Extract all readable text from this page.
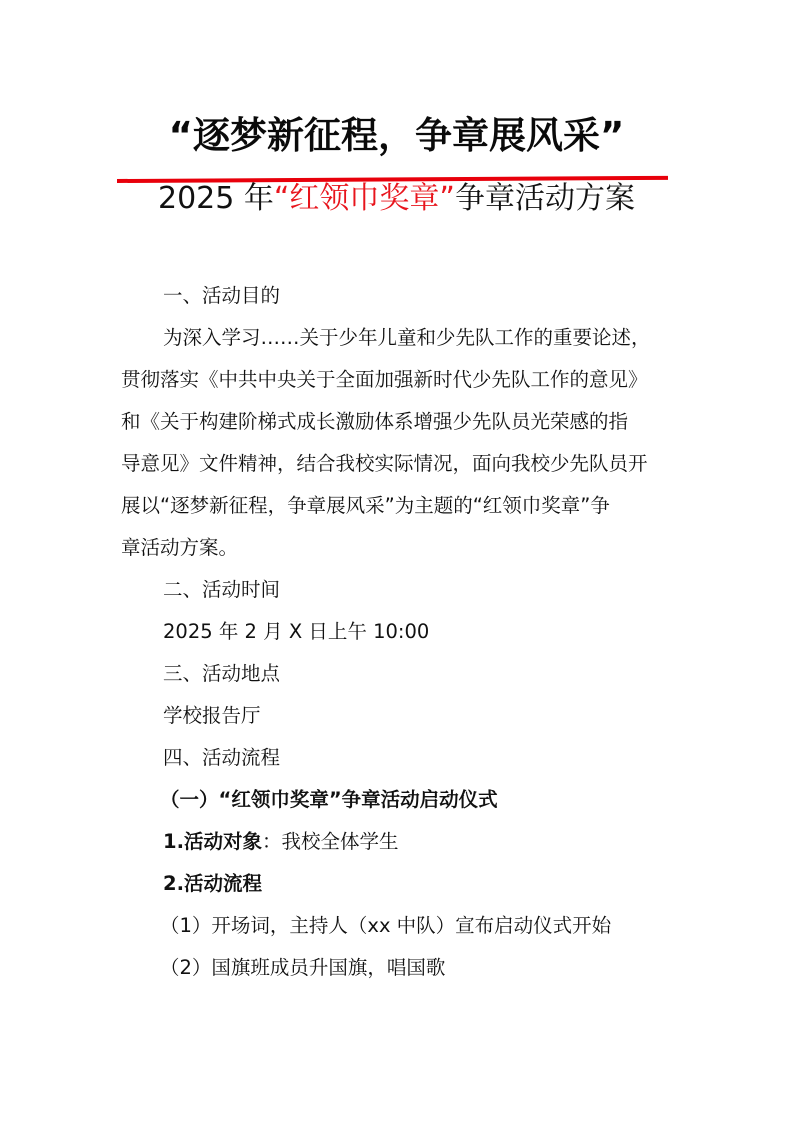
“逐梦新征程，争章展风采”
2025 年“红领巾奖章”争章活动方案

一、活动目的

为深入学习……关于少年儿童和少先队工作的重要论述，

贯彻落实《中共中央关于全面加强新时代少先队工作的意见》

和《关于构建阶梯式成长激励体系增强少先队员光荣感的指

导意见》文件精神，结合我校实际情况，面向我校少先队员开

展以“逐梦新征程，争章展风采”为主题的“红领巾奖章”争

章活动方案。

二、活动时间

2025 年 2 月 X 日上午 10:00

三、活动地点

学校报告厅

四、活动流程

（一）“红领巾奖章”争章活动启动仪式

1.活动对象：我校全体学生

2.活动流程

（1）开场词，主持人（xx 中队）宣布启动仪式开始

（2）国旗班成员升国旗，唱国歌
